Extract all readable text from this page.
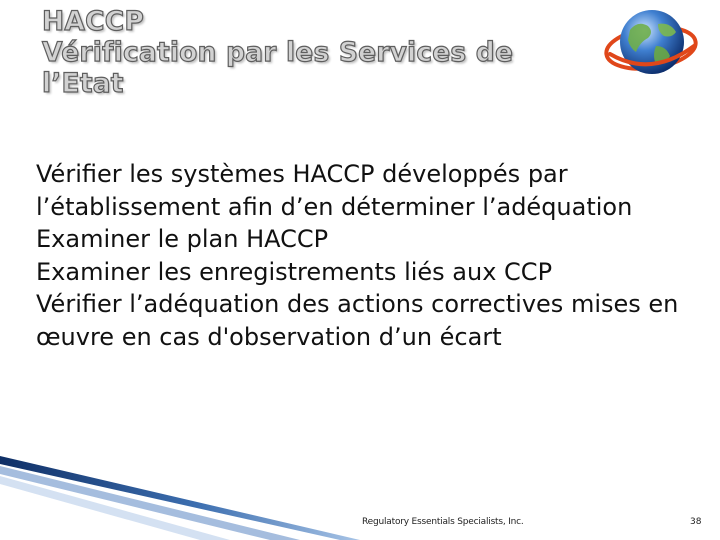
HACCP
Vérification par les Services de
l’Etat
Vérifier les systèmes HACCP développés par l’établissement afin d’en déterminer l’adéquation
Examiner le plan HACCP
Examiner les enregistrements liés aux CCP
Vérifier l’adéquation des actions correctives mises en œuvre en cas d'observation d’un écart
Regulatory Essentials Specialists, Inc.	38
